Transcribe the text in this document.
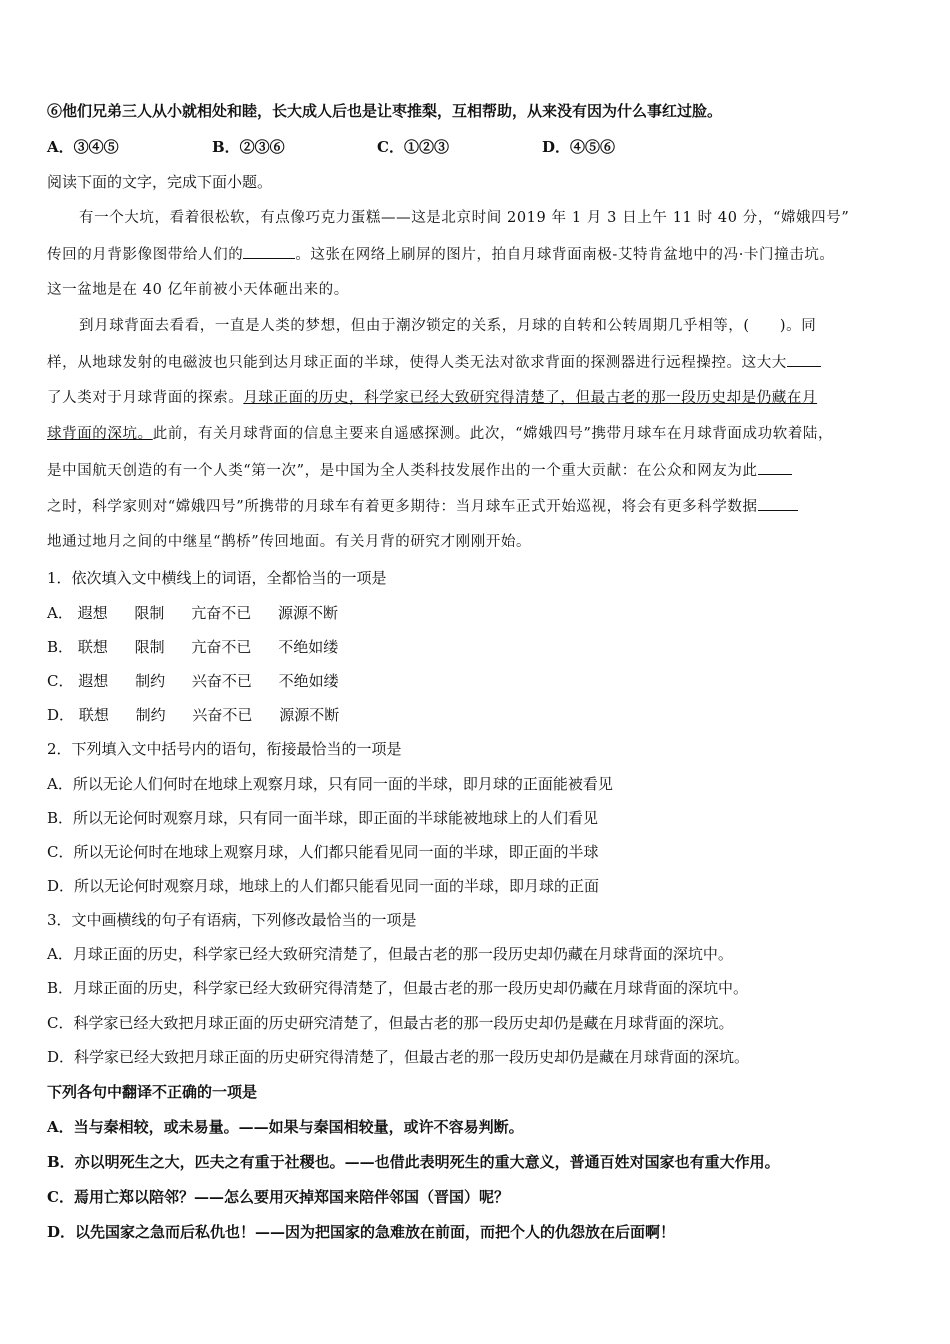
⑥他们兄弟三人从小就相处和睦，长大成人后也是让枣推梨，互相帮助，从来没有因为什么事红过脸。
A．③④⑤	B．②③⑥	C．①②③	D．④⑤⑥
阅读下面的文字，完成下面小题。
有一个大坑，看着很松软，有点像巧克力蛋糕——这是北京时间 2019 年 1 月 3 日上午 11 时 40 分，“嫦娥四号”
传回的月背影像图带给人们的	。这张在网络上刷屏的图片，拍自月球背面南极-艾特肯盆地中的冯·卡门撞击坑。
这一盆地是在 40 亿年前被小天体砸出来的。
到月球背面去看看，一直是人类的梦想，但由于潮汐锁定的关系，月球的自转和公转周期几乎相等，(　　)。同
样，从地球发射的电磁波也只能到达月球正面的半球，使得人类无法对欲求背面的探测器进行远程操控。这大大
了人类对于月球背面的探索。月球正面的历史，科学家已经大致研究得清楚了，但最古老的那一段历史却是仍藏在月
球背面的深坑。此前，有关月球背面的信息主要来自遥感探测。此次，“嫦娥四号”携带月球车在月球背面成功软着陆，
是中国航天创造的有一个人类“第一次”，是中国为全人类科技发展作出的一个重大贡献：在公众和网友为此
之时，科学家则对“嫦娥四号”所携带的月球车有着更多期待：当月球车正式开始巡视，将会有更多科学数据
地通过地月之间的中继星“鹊桥”传回地面。有关月背的研究才刚刚开始。
1．依次填入文中横线上的词语，全都恰当的一项是
A． 遐想 限制 亢奋不已 源源不断
B． 联想 限制 亢奋不已 不绝如缕
C． 遐想 制约 兴奋不已 不绝如缕
D． 联想 制约 兴奋不已 源源不断
2．下列填入文中括号内的语句，衔接最恰当的一项是
A．所以无论人们何时在地球上观察月球，只有同一面的半球，即月球的正面能被看见
B．所以无论何时观察月球，只有同一面半球，即正面的半球能被地球上的人们看见
C．所以无论何时在地球上观察月球，人们都只能看见同一面的半球，即正面的半球
D．所以无论何时观察月球，地球上的人们都只能看见同一面的半球，即月球的正面
3．文中画横线的句子有语病，下列修改最恰当的一项是
A．月球正面的历史，科学家已经大致研究清楚了，但最古老的那一段历史却仍藏在月球背面的深坑中。
B．月球正面的历史，科学家已经大致研究得清楚了，但最古老的那一段历史却仍藏在月球背面的深坑中。
C．科学家已经大致把月球正面的历史研究清楚了，但最古老的那一段历史却仍是藏在月球背面的深坑。
D．科学家已经大致把月球正面的历史研究得清楚了，但最古老的那一段历史却仍是藏在月球背面的深坑。
下列各句中翻译不正确的一项是
A．当与秦相较，或未易量。——如果与秦国相较量，或许不容易判断。
B．亦以明死生之大，匹夫之有重于社稷也。——也借此表明死生的重大意义，普通百姓对国家也有重大作用。
C．焉用亡郑以陪邻？——怎么要用灭掉郑国来陪伴邻国（晋国）呢？
D．以先国家之急而后私仇也！——因为把国家的急难放在前面，而把个人的仇怨放在后面啊！
